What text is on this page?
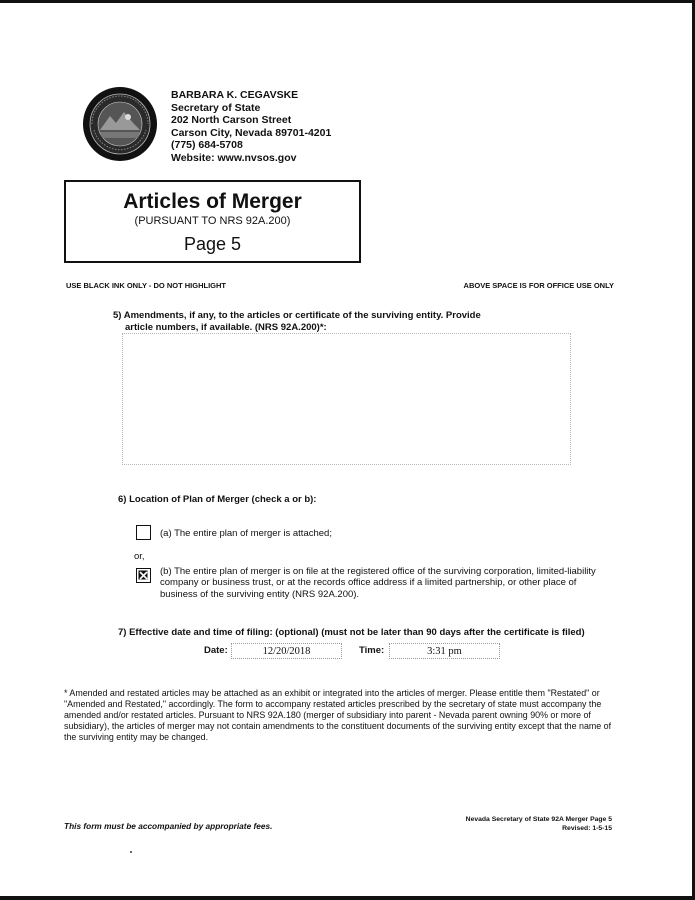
BARBARA K. CEGAVSKE
Secretary of State
202 North Carson Street
Carson City, Nevada 89701-4201
(775) 684-5708
Website: www.nvsos.gov
Articles of Merger
(PURSUANT TO NRS 92A.200)
Page 5
USE BLACK INK ONLY - DO NOT HIGHLIGHT	ABOVE SPACE IS FOR OFFICE USE ONLY
5) Amendments, if any, to the articles or certificate of the surviving entity. Provide
article numbers, if available. (NRS 92A.200)*:
6) Location of Plan of Merger (check a or b):
(a) The entire plan of merger is attached;
or,
(b) The entire plan of merger is on file at the registered office of the surviving corporation, limited-liability company or business trust, or at the records office address if a limited partnership, or other place of business of the surviving entity (NRS 92A.200).
7) Effective date and time of filing: (optional) (must not be later than 90 days after the certificate is filed)
Date:	12/20/2018	Time:	3:31 pm
* Amended and restated articles may be attached as an exhibit or integrated into the articles of merger. Please entitle them "Restated" or "Amended and Restated," accordingly. The form to accompany restated articles prescribed by the secretary of state must accompany the amended and/or restated articles. Pursuant to NRS 92A.180 (merger of subsidiary into parent - Nevada parent owning 90% or more of subsidiary), the articles of merger may not contain amendments to the constituent documents of the surviving entity except that the name of the surviving entity may be changed.
This form must be accompanied by appropriate fees.
Nevada Secretary of State 92A Merger Page 5
Revised: 1-5-15
